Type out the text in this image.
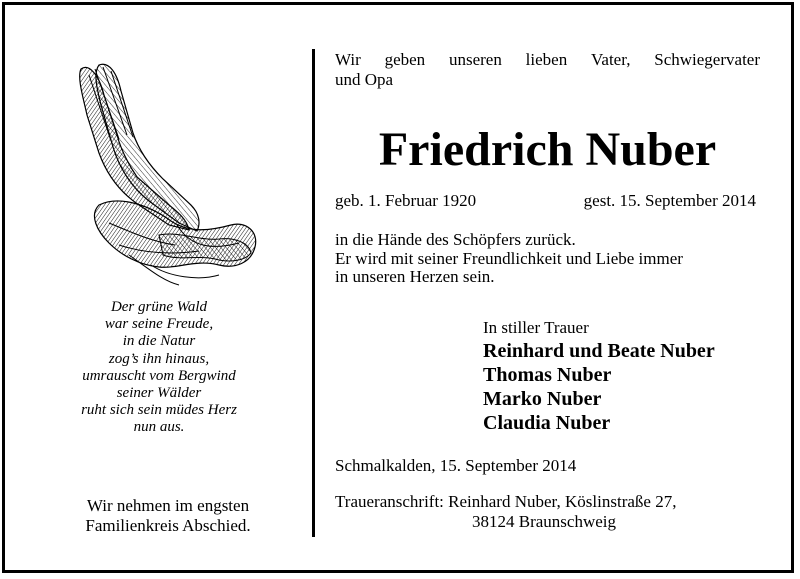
Der grüne Wald
war seine Freude,
in die Natur
zog’s ihn hinaus,
umrauscht vom Bergwind
seiner Wälder
ruht sich sein müdes Herz
nun aus.
Wir nehmen im engsten
Familienkreis Abschied.
Wir geben unseren lieben Vater, Schwiegervater
und Opa
Friedrich Nuber
geb. 1. Februar 1920	gest. 15. September 2014
in die Hände des Schöpfers zurück.
Er wird mit seiner Freundlichkeit und Liebe immer
in unseren Herzen sein.
In stiller Trauer
Reinhard und Beate Nuber
Thomas Nuber
Marko Nuber
Claudia Nuber
Schmalkalden, 15. September 2014
Traueranschrift: Reinhard Nuber, Köslinstraße 27,
38124 Braunschweig
